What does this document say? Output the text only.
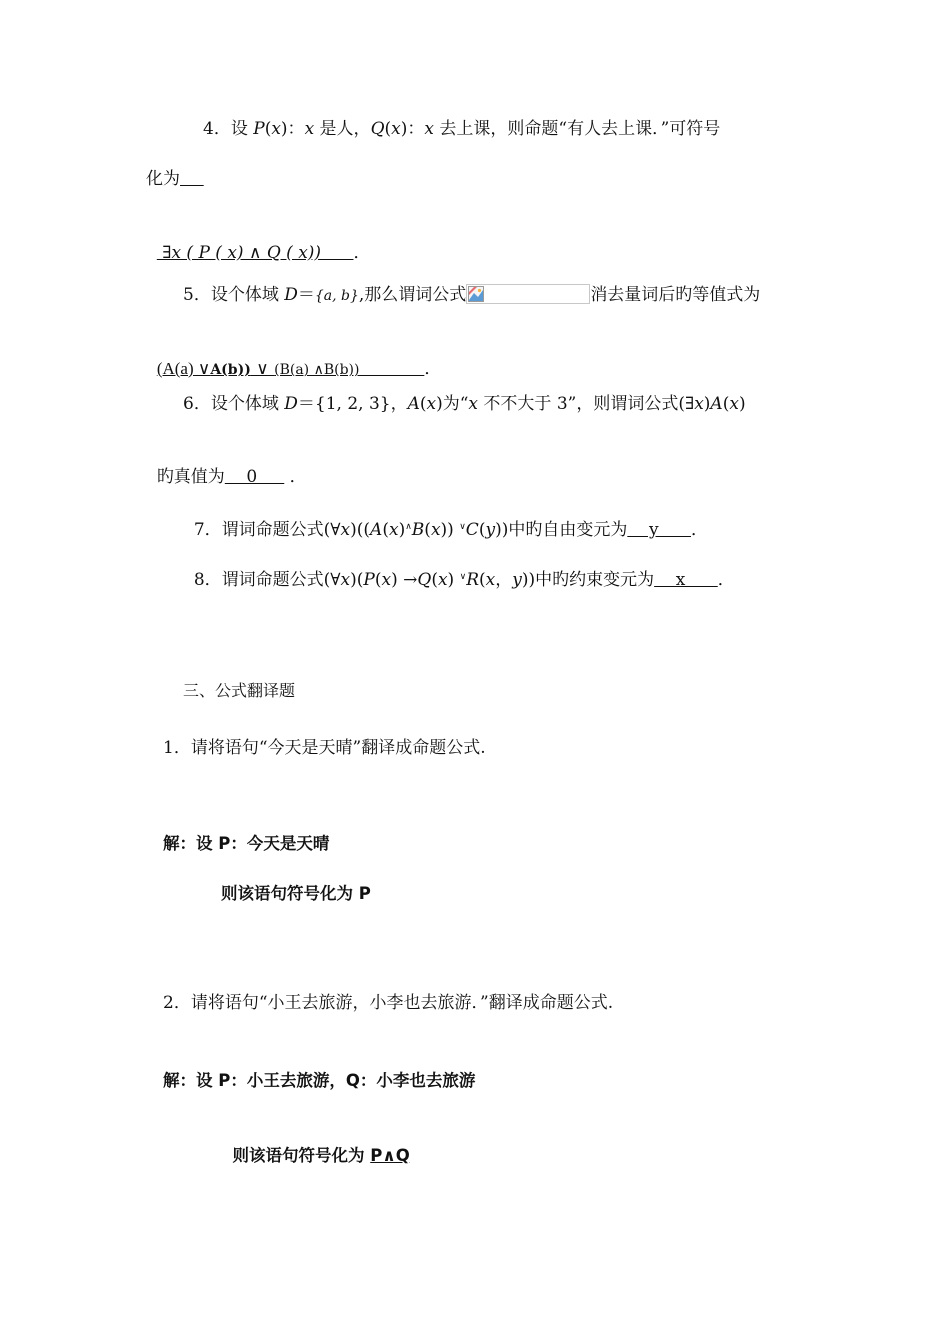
4．设 P(x)：x 是人，Q(x)：x 去上课，则命题“有人去上课．”可符号
化为

∃x ( P ( x) ∧ Q ( x))      ．

5．设个体域 D＝{a, b},那么谓词公式	消去量词后旳等值式为

(A(a) ∨A(b)) ∨ (B(a) ∧B(b))	．

6．设个体域 D＝{1, 2, 3}，A(x)为“x 不不大于 3”，则谓词公式(∃x)A(x)

旳真值为    0      ．

7．谓词命题公式(∀x)((A(x)∧B(x)) ∨C(y))中旳自由变元为    y      ．

8．谓词命题公式(∀x)(P(x) →Q(x) ∨R(x，y))中旳约束变元为    x      ．

三、公式翻译题
1．请将语句“今天是天晴”翻译成命题公式.
解：设 P：今天是天晴
则该语句符号化为 P
2．请将语句“小王去旅游，小李也去旅游．”翻译成命题公式.
解：设 P：小王去旅游，Q：小李也去旅游

则该语句符号化为 P∧Q
